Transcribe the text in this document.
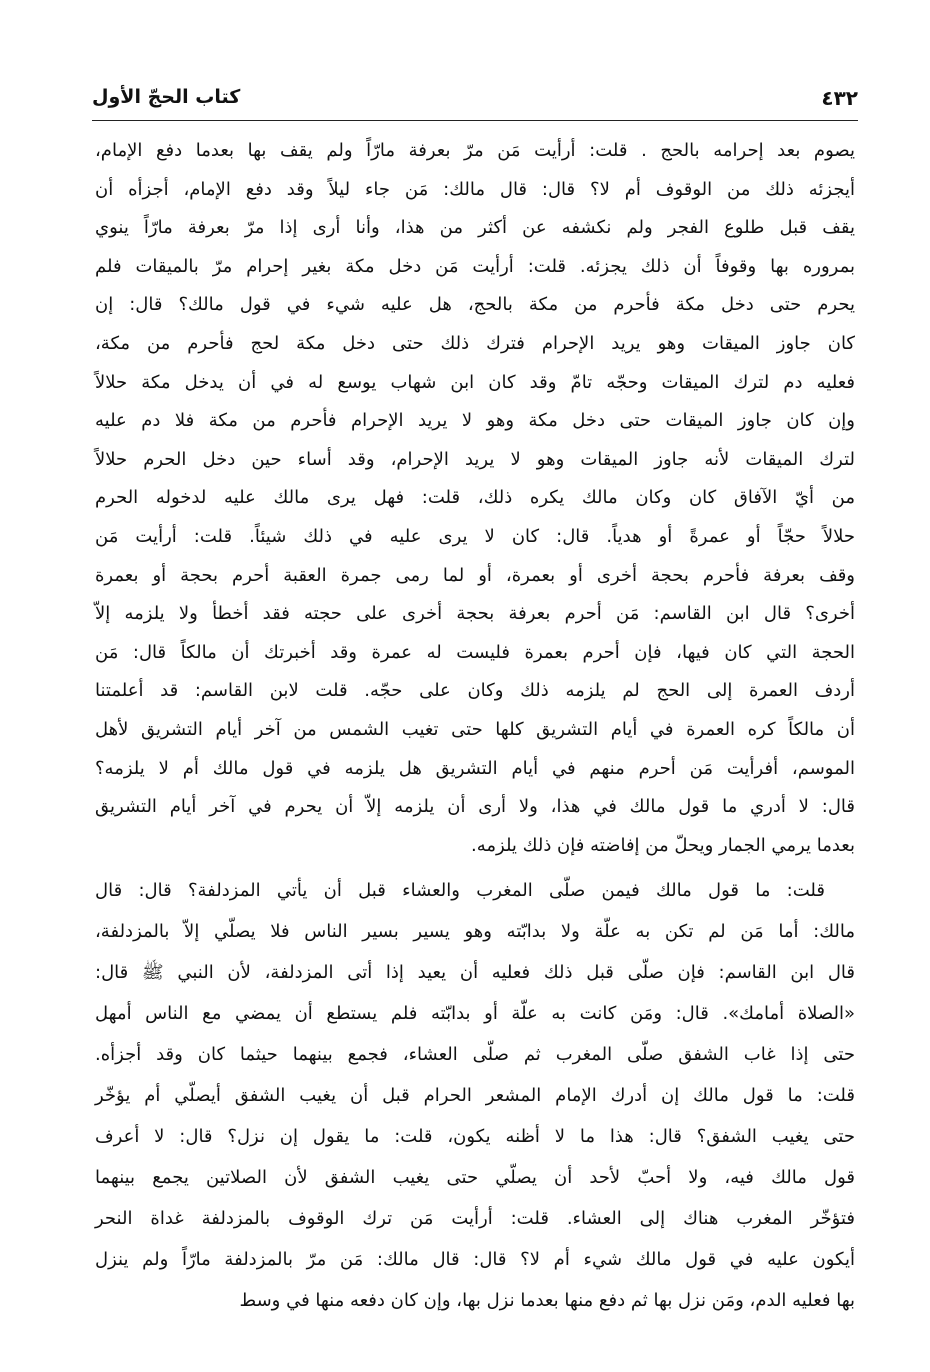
٤٣٢
كتاب الحجّ الأول
يصوم بعد إحرامه بالحج . قلت: أرأيت مَن مرّ بعرفة مارّاً ولم يقف بها بعدما دفع الإمام،
أيجزئه ذلك من الوقوف أم لا؟ قال: قال مالك: مَن جاء ليلاً وقد دفع الإمام، أجزأه أن
يقف قبل طلوع الفجر ولم نكشفه عن أكثر من هذا، وأنا أرى إذا مرّ بعرفة مارّاً ينوي
بمروره بها وقوفاً أن ذلك يجزئه. قلت: أرأيت مَن دخل مكة بغير إحرام مرّ بالميقات فلم
يحرم حتى دخل مكة فأحرم من مكة بالحج، هل عليه شيء في قول مالك؟ قال: إن
كان جاوز الميقات وهو يريد الإحرام فترك ذلك حتى دخل مكة لحج فأحرم من مكة،
فعليه دم لترك الميقات وحجّه تامّ وقد كان ابن شهاب يوسع له في أن يدخل مكة حلالاً
وإن كان جاوز الميقات حتى دخل مكة وهو لا يريد الإحرام فأحرم من مكة فلا دم عليه
لترك الميقات لأنه جاوز الميقات وهو لا يريد الإحرام، وقد أساء حين دخل الحرم حلالاً
من أيّ الآفاق كان وكان مالك يكره ذلك، قلت: فهل يرى مالك عليه لدخوله الحرم
حلالاً حجّاً أو عمرةً أو هدياً. قال: كان لا يرى عليه في ذلك شيئاً. قلت: أرأيت مَن
وقف بعرفة فأحرم بحجة أخرى أو بعمرة، أو لما رمى جمرة العقبة أحرم بحجة أو بعمرة
أخرى؟ قال ابن القاسم: مَن أحرم بعرفة بحجة أخرى على حجته فقد أخطأ ولا يلزمه إلاّ
الحجة التي كان فيها، فإن أحرم بعمرة فليست له عمرة وقد أخبرتك أن مالكاً قال: مَن
أردف العمرة إلى الحج لم يلزمه ذلك وكان على حجّه. قلت لابن القاسم: قد أعلمتنا
أن مالكاً كره العمرة في أيام التشريق كلها حتى تغيب الشمس من آخر أيام التشريق لأهل
الموسم، أفرأيت مَن أحرم منهم في أيام التشريق هل يلزمه في قول مالك أم لا يلزمه؟
قال: لا أدري ما قول مالك في هذا، ولا أرى أن يلزمه إلاّ أن يحرم في آخر أيام التشريق
بعدما يرمي الجمار ويحلّ من إفاضته فإن ذلك يلزمه.
قلت: ما قول مالك فيمن صلّى المغرب والعشاء قبل أن يأتي المزدلفة؟ قال: قال
مالك: أما مَن لم تكن به علّة ولا بدابّته وهو يسير بسير الناس فلا يصلّي إلاّ بالمزدلفة،
قال ابن القاسم: فإن صلّى قبل ذلك فعليه أن يعيد إذا أتى المزدلفة، لأن النبي ﷺ قال:
«الصلاة أمامك». قال: ومَن كانت به علّة أو بدابّته فلم يستطع أن يمضي مع الناس أمهل
حتى إذا غاب الشفق صلّى المغرب ثم صلّى العشاء، فجمع بينهما حيثما كان وقد أجزأه.
قلت: ما قول مالك إن أدرك الإمام المشعر الحرام قبل أن يغيب الشفق أيصلّي أم يؤخّر
حتى يغيب الشفق؟ قال: هذا ما لا أظنه يكون، قلت: ما يقول إن نزل؟ قال: لا أعرف
قول مالك فيه، ولا أحبّ لأحد أن يصلّي حتى يغيب الشفق لأن الصلاتين يجمع بينهما
فتؤخّر المغرب هناك إلى العشاء. قلت: أرأيت مَن ترك الوقوف بالمزدلفة غداة النحر
أيكون عليه في قول مالك شيء أم لا؟ قال: قال مالك: مَن مرّ بالمزدلفة مارّاً ولم ينزل
بها فعليه الدم، ومَن نزل بها ثم دفع منها بعدما نزل بها، وإن كان دفعه منها في وسط
